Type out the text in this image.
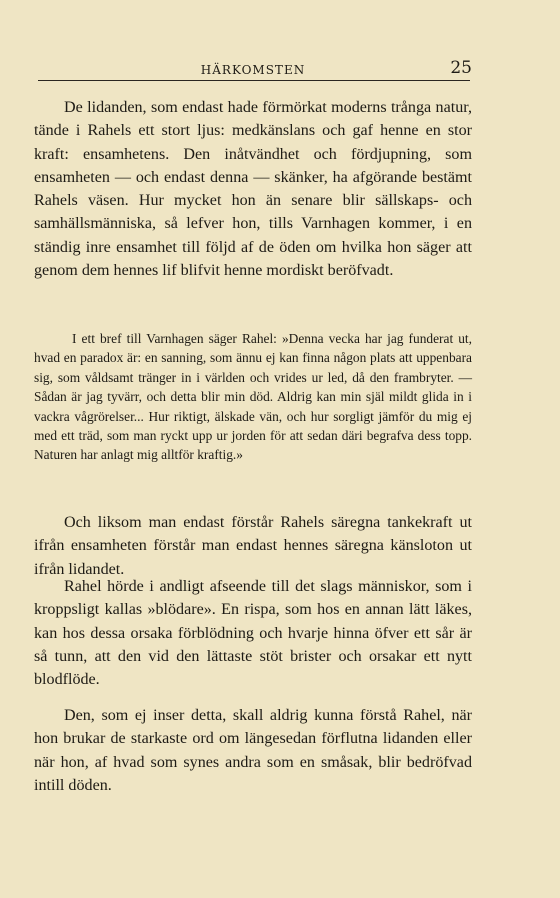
HÄRKOMSTEN	25

De lidanden, som endast hade förmörkat moderns trånga natur, tände i Rahels ett stort ljus: medkänslans och gaf henne en stor kraft: ensamhetens. Den inåtvändhet och fördjupning, som ensamheten — och endast denna — skänker, ha afgörande bestämt Rahels väsen. Hur mycket hon än senare blir sällskaps- och samhällsmänniska, så lefver hon, tills Varnhagen kommer, i en ständig inre ensamhet till följd af de öden om hvilka hon säger att genom dem hennes lif blifvit henne mordiskt beröfvadt.

I ett bref till Varnhagen säger Rahel: »Denna vecka har jag funderat ut, hvad en paradox är: en sanning, som ännu ej kan finna någon plats att uppenbara sig, som våldsamt tränger in i världen och vrides ur led, då den frambryter. — Sådan är jag tyvärr, och detta blir min död. Aldrig kan min själ mildt glida in i vackra vågrörelser... Hur riktigt, älskade vän, och hur sorgligt jämför du mig ej med ett träd, som man ryckt upp ur jorden för att sedan däri begrafva dess topp. Naturen har anlagt mig alltför kraftig.»

Och liksom man endast förstår Rahels säregna tankekraft ut ifrån ensamheten förstår man endast hennes säregna känsloton ut ifrån lidandet.

Rahel hörde i andligt afseende till det slags människor, som i kroppsligt kallas »blödare». En rispa, som hos en annan lätt läkes, kan hos dessa orsaka förblödning och hvarje hinna öfver ett sår är så tunn, att den vid den lättaste stöt brister och orsakar ett nytt blodflöde.

Den, som ej inser detta, skall aldrig kunna förstå Rahel, när hon brukar de starkaste ord om längesedan förflutna lidanden eller när hon, af hvad som synes andra som en småsak, blir bedröfvad intill döden.
